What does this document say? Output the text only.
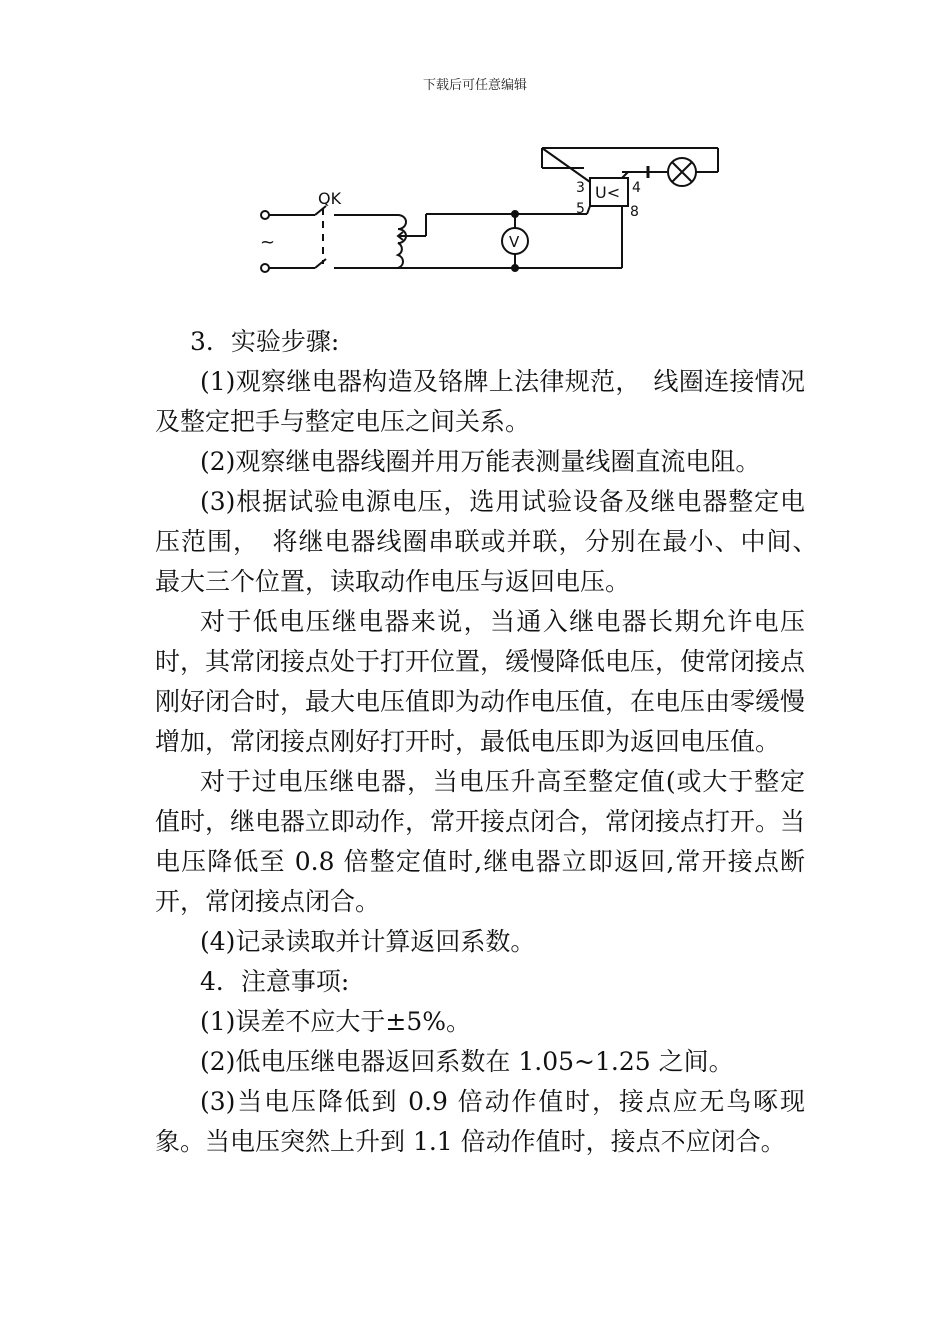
下载后可任意编辑
~
QK
V
U<
3	4
5	8

3．实验步骤:

(1)观察继电器构造及铬牌上法律规范，　线圈连接情况及整定把手与整定电压之间关系。

(2)观察继电器线圈并用万能表测量线圈直流电阻。

(3)根据试验电源电压，选用试验设备及继电器整定电压范围，　将继电器线圈串联或并联，分别在最小、中间、　最大三个位置，读取动作电压与返回电压。

对于低电压继电器来说，当通入继电器长期允许电压时，其常闭接点处于打开位置，缓慢降低电压，使常闭接点刚好闭合时，最大电压值即为动作电压值，在电压由零缓慢增加，常闭接点刚好打开时，最低电压即为返回电压值。

对于过电压继电器，当电压升高至整定值(或大于整定值时，继电器立即动作，常开接点闭合，常闭接点打开。当电压降低至 0.8 倍整定值时,继电器立即返回,常开接点断开，常闭接点闭合。

(4)记录读取并计算返回系数。

4．注意事项:

(1)误差不应大于±5%。

(2)低电压继电器返回系数在 1.05~1.25 之间。

(3)当电压降低到 0.9 倍动作值时，接点应无鸟啄现象。当电压突然上升到 1.1 倍动作值时，接点不应闭合。
